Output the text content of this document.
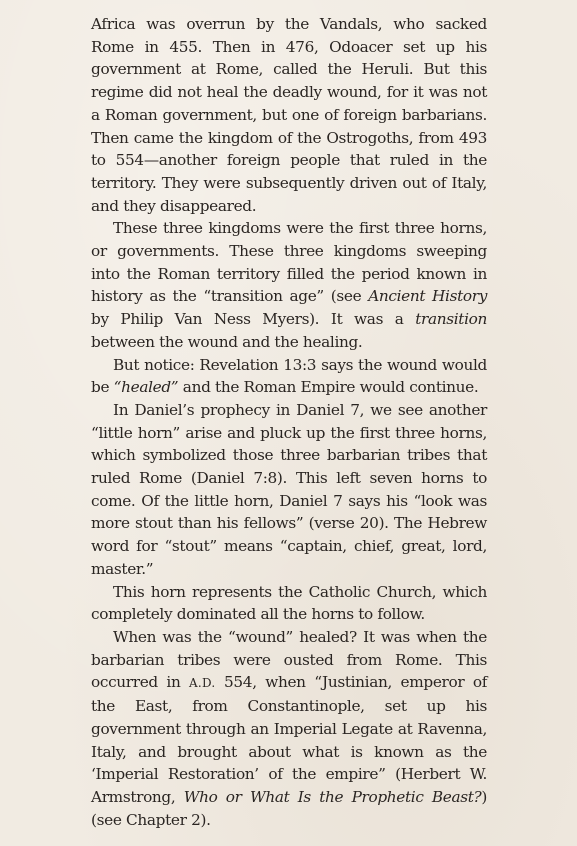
Africa was overrun by the Vandals, who sacked Rome in 455. Then in 476, Odoacer set up his government at Rome, called the Heruli. But this regime did not heal the deadly wound, for it was not a Roman government, but one of foreign barbarians. Then came the kingdom of the Ostrogoths, from 493 to 554—another foreign people that ruled in the territory. They were subsequently driven out of Italy, and they disappeared.

These three kingdoms were the first three horns, or governments. These three kingdoms sweeping into the Roman territory filled the period known in history as the “transition age” (see Ancient History by Philip Van Ness Myers). It was a transition between the wound and the healing.

But notice: Revelation 13:3 says the wound would be “healed” and the Roman Empire would continue.

In Daniel’s prophecy in Daniel 7, we see another “little horn” arise and pluck up the first three horns, which symbolized those three barbarian tribes that ruled Rome (Daniel 7:8). This left seven horns to come. Of the little horn, Daniel 7 says his “look was more stout than his fellows” (verse 20). The Hebrew word for “stout” means “captain, chief, great, lord, master.”

This horn represents the Catholic Church, which completely dominated all the horns to follow.

When was the “wound” healed? It was when the barbarian tribes were ousted from Rome. This occurred in A.D. 554, when “Justinian, emperor of the East, from Constantinople, set up his government through an Imperial Legate at Ravenna, Italy, and brought about what is known as the ‘Imperial Restoration’ of the empire” (Herbert W. Armstrong, Who or What Is the Prophetic Beast?) (see Chapter 2).
